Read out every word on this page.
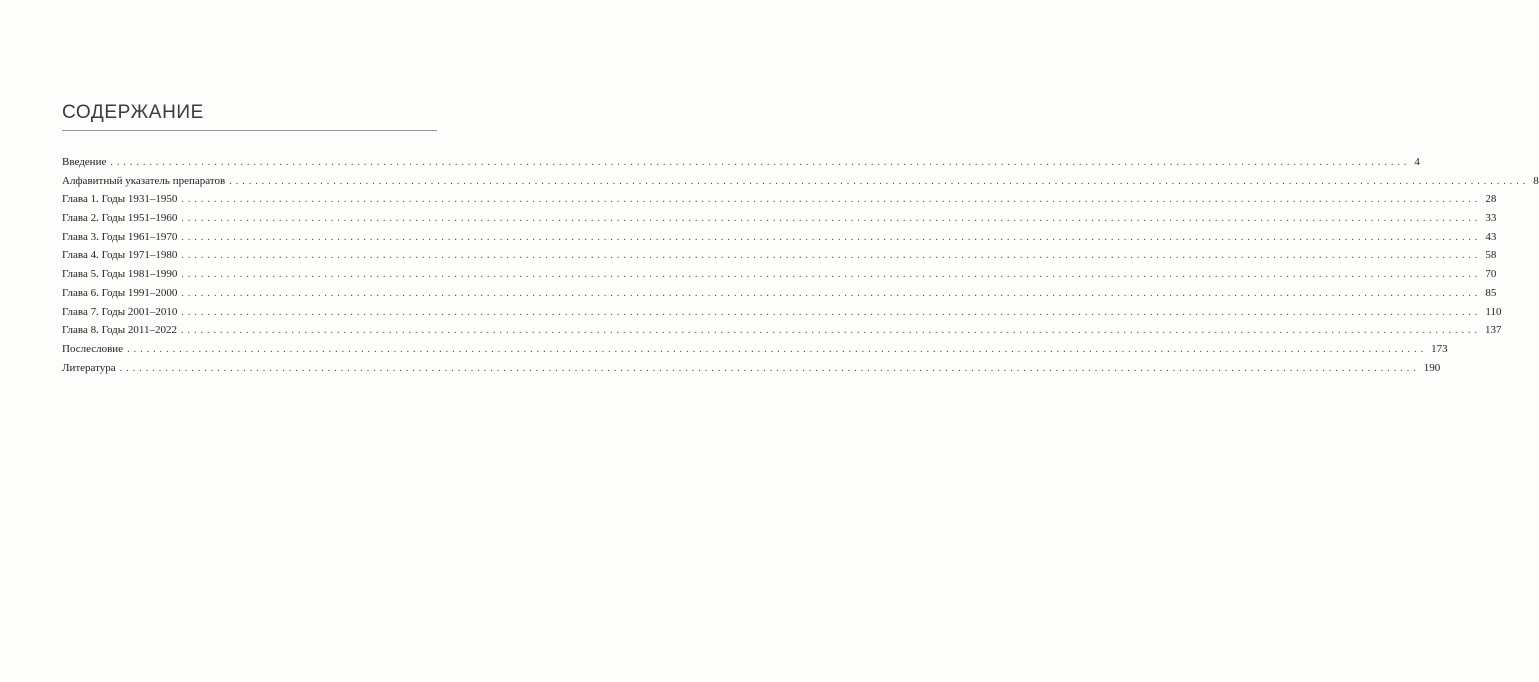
СОДЕРЖАНИЕ
Введение ........................................................................................................................................................................................................ 4
Алфавитный указатель препаратов ........................................................................................................................................................................................................ 8
Глава 1. Годы 1931–1950 ........................................................................................................................................................................................................ 28
Глава 2. Годы 1951–1960 ........................................................................................................................................................................................................ 33
Глава 3. Годы 1961–1970 ........................................................................................................................................................................................................ 43
Глава 4. Годы 1971–1980 ........................................................................................................................................................................................................ 58
Глава 5. Годы 1981–1990 ........................................................................................................................................................................................................ 70
Глава 6. Годы 1991–2000 ........................................................................................................................................................................................................ 85
Глава 7. Годы 2001–2010 ........................................................................................................................................................................................................ 110
Глава 8. Годы 2011–2022 ........................................................................................................................................................................................................ 137
Послесловие ........................................................................................................................................................................................................ 173
Литература ........................................................................................................................................................................................................ 190
